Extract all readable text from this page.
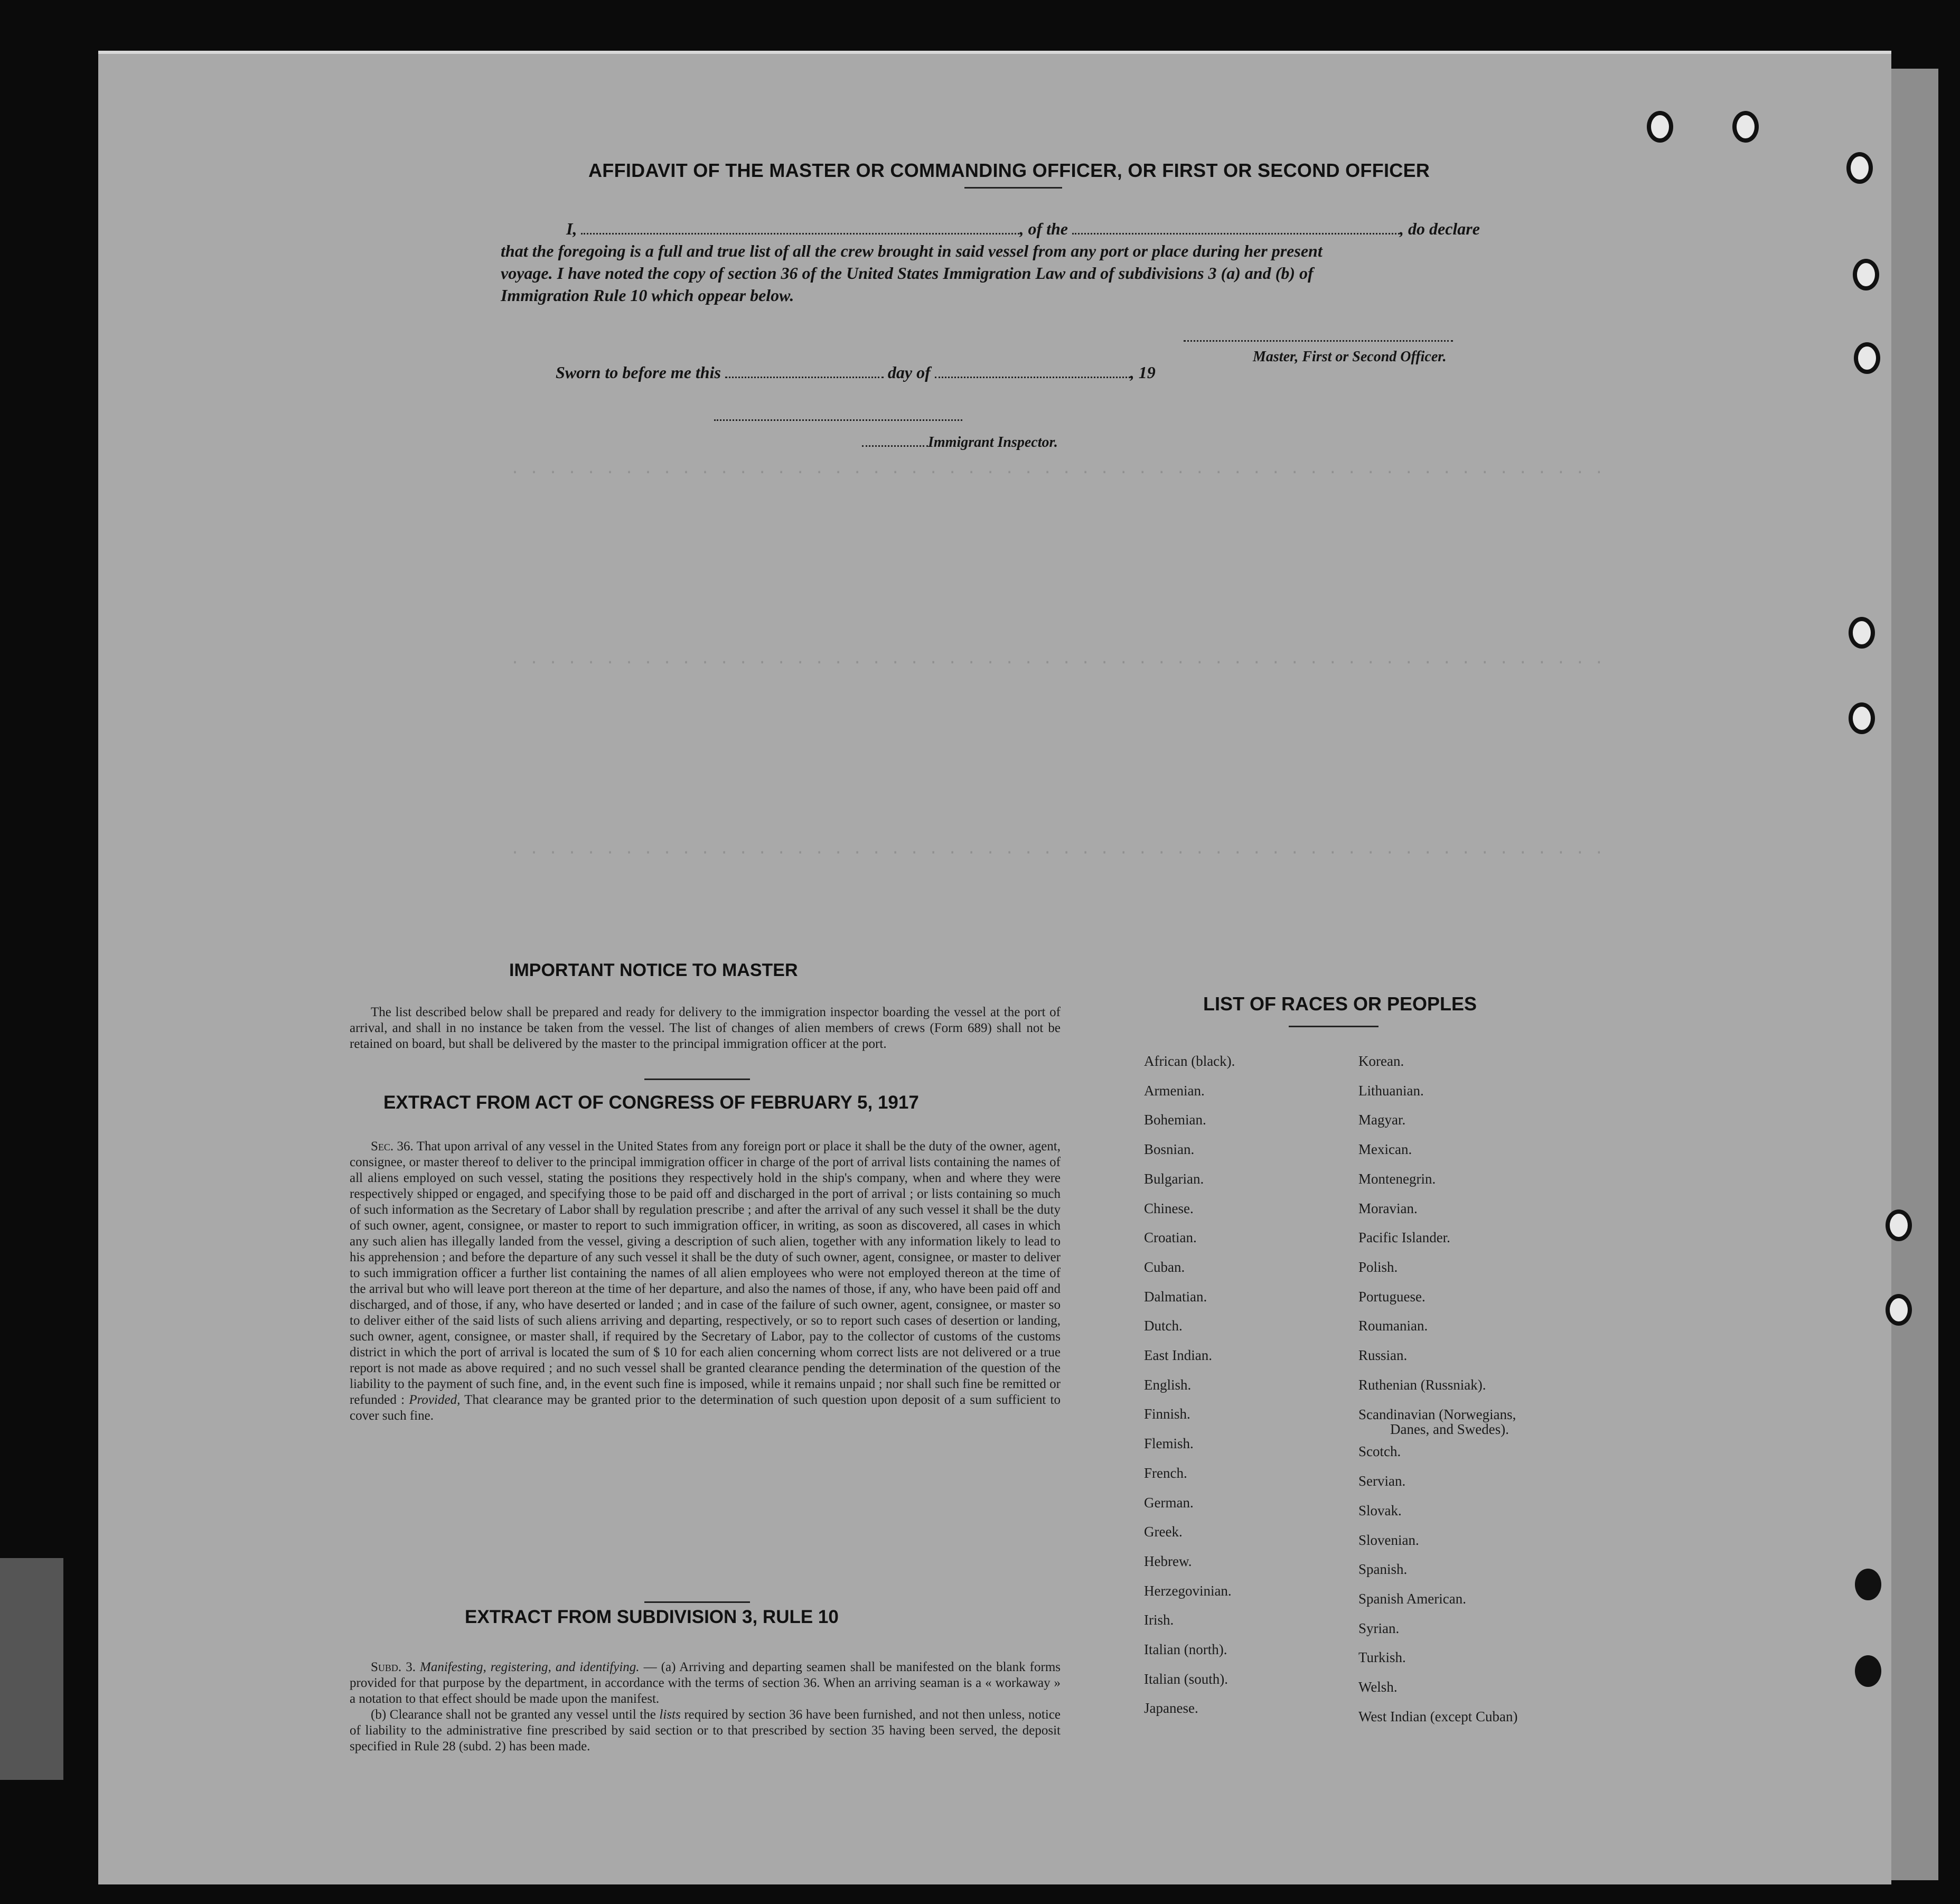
. . . . . . . . . . . . . . . . . . . . . . . . . . . . . . . . . . . . . . . . . . . . . . . . . . . . . . . . . .
. . . . . . . . . . . . . . . . . . . . . . . . . . . . . . . . . . . . . . . . . . . . . . . . . . . . . . . . . .
. . . . . . . . . . . . . . . . . . . . . . . . . . . . . . . . . . . . . . . . . . . . . . . . . . . . . . . . . .
AFFIDAVIT OF THE MASTER OR COMMANDING OFFICER, OR FIRST OR SECOND OFFICER
I,	, of the	, do declare
that the foregoing is a full and true list of all the crew brought in said vessel from any port or place during her present
voyage. I have noted the copy of section 36 of the United States Immigration Law and of subdivisions 3 (a) and (b) of
Immigration Rule 10 which oppear below.
Master, First or Second Officer.
Sworn to before me this	day of	, 19
Immigrant Inspector.
IMPORTANT NOTICE TO MASTER

The list described below shall be prepared and ready for delivery to the immigration inspector boarding the vessel at the port of arrival, and shall in no instance be taken from the vessel. The list of changes of alien members of crews (Form 689) shall not be retained on board, but shall be delivered by the master to the principal immigration officer at the port.

EXTRACT FROM ACT OF CONGRESS OF FEBRUARY 5, 1917

Sec. 36. That upon arrival of any vessel in the United States from any foreign port or place it shall be the duty of the owner, agent, consignee, or master thereof to deliver to the principal immigration officer in charge of the port of arrival lists containing the names of all aliens employed on such vessel, stating the positions they respectively hold in the ship's company, when and where they were respectively shipped or engaged, and specifying those to be paid off and discharged in the port of arrival ; or lists containing so much of such information as the Secretary of Labor shall by regulation prescribe ; and after the arrival of any such vessel it shall be the duty of such owner, agent, consignee, or master to report to such immigration officer, in writing, as soon as discovered, all cases in which any such alien has illegally landed from the vessel, giving a description of such alien, together with any information likely to lead to his apprehension ; and before the departure of any such vessel it shall be the duty of such owner, agent, consignee, or master to deliver to such immigration officer a further list containing the names of all alien employees who were not employed thereon at the time of the arrival but who will leave port thereon at the time of her departure, and also the names of those, if any, who have been paid off and discharged, and of those, if any, who have deserted or landed ; and in case of the failure of such owner, agent, consignee, or master so to deliver either of the said lists of such aliens arriving and departing, respectively, or so to report such cases of desertion or landing, such owner, agent, consignee, or master shall, if required by the Secretary of Labor, pay to the collector of customs of the customs district in which the port of arrival is located the sum of $ 10 for each alien concerning whom correct lists are not delivered or a true report is not made as above required ; and no such vessel shall be granted clearance pending the determination of the question of the liability to the payment of such fine, and, in the event such fine is imposed, while it remains unpaid ; nor shall such fine be remitted or refunded : Provided, That clearance may be granted prior to the determination of such question upon deposit of a sum sufficient to cover such fine.

EXTRACT FROM SUBDIVISION 3, RULE 10

Subd. 3. Manifesting, registering, and identifying. — (a) Arriving and departing seamen shall be manifested on the blank forms provided for that purpose by the department, in accordance with the terms of section 36. When an arriving seaman is a « workaway » a notation to that effect should be made upon the manifest.

(b) Clearance shall not be granted any vessel until the lists required by section 36 have been furnished, and not then unless, notice of liability to the administrative fine prescribed by said section or to that prescribed by section 35 having been served, the deposit specified in Rule 28 (subd. 2) has been made.

LIST OF RACES OR PEOPLES
African (black).
Armenian.
Bohemian.
Bosnian.
Bulgarian.
Chinese.
Croatian.
Cuban.
Dalmatian.
Dutch.
East Indian.
English.
Finnish.
Flemish.
French.
German.
Greek.
Hebrew.
Herzegovinian.
Irish.
Italian (north).
Italian (south).
Japanese.
Korean.
Lithuanian.
Magyar.
Mexican.
Montenegrin.
Moravian.
Pacific Islander.
Polish.
Portuguese.
Roumanian.
Russian.
Ruthenian (Russniak).
Scandinavian (Norwegians,
Danes, and Swedes).
Scotch.
Servian.
Slovak.
Slovenian.
Spanish.
Spanish American.
Syrian.
Turkish.
Welsh.
West Indian (except Cuban)
